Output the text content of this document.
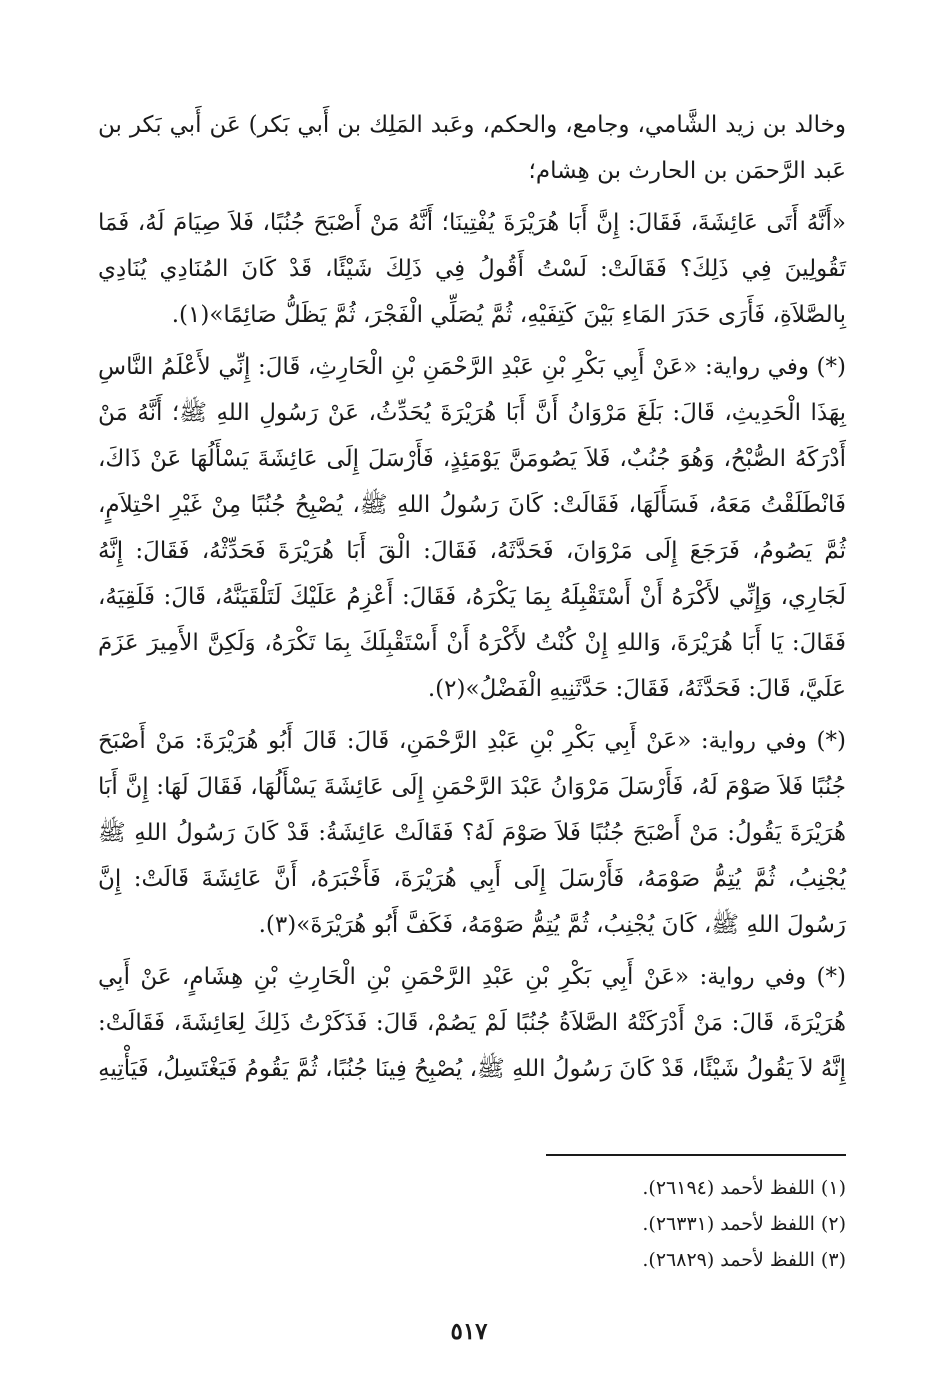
وخالد بن زيد الشَّامي، وجامع، والحكم، وعَبد المَلِك بن أَبي بَكر) عَن أَبي بَكر بن عَبد الرَّحمَن بن الحارث بن هِشام؛

«أَنَّهُ أَتَى عَائِشَةَ، فَقَالَ: إِنَّ أَبَا هُرَيْرَةَ يُفْتِينَا؛ أَنَّهُ مَنْ أَصْبَحَ جُنُبًا، فَلاَ صِيَامَ لَهُ، فَمَا تَقُولِينَ فِي ذَلِكَ؟ فَقَالَتْ: لَسْتُ أَقُولُ فِي ذَلِكَ شَيْئًا، قَدْ كَانَ المُنَادِي يُنَادِي بِالصَّلاَةِ، فَأَرَى حَدَرَ المَاءِ بَيْنَ كَتِفَيْهِ، ثُمَّ يُصَلِّي الْفَجْرَ، ثُمَّ يَظَلُّ صَائِمًا»(١).

(*) وفي رواية: «عَنْ أَبِي بَكْرِ بْنِ عَبْدِ الرَّحْمَنِ بْنِ الْحَارِثِ، قَالَ: إِنِّي لأَعْلَمُ النَّاسِ بِهَذَا الْحَدِيثِ، قَالَ: بَلَغَ مَرْوَانُ أَنَّ أَبَا هُرَيْرَةَ يُحَدِّثُ، عَنْ رَسُولِ اللهِ ﷺ؛ أَنَّهُ مَنْ أَدْرَكَهُ الصُّبْحُ، وَهُوَ جُنُبٌ، فَلاَ يَصُومَنَّ يَوْمَئِذٍ، فَأَرْسَلَ إِلَى عَائِشَةَ يَسْأَلُهَا عَنْ ذَاكَ، فَانْطَلَقْتُ مَعَهُ، فَسَأَلَهَا، فَقَالَتْ: كَانَ رَسُولُ اللهِ ﷺ، يُصْبِحُ جُنُبًا مِنْ غَيْرِ احْتِلاَمٍ، ثُمَّ يَصُومُ، فَرَجَعَ إِلَى مَرْوَانَ، فَحَدَّثَهُ، فَقَالَ: الْقَ أَبَا هُرَيْرَةَ فَحَدِّثْهُ، فَقَالَ: إِنَّهُ لَجَارِي، وَإِنِّي لأَكْرَهُ أَنْ أَسْتَقْبِلَهُ بِمَا يَكْرَهُ، فَقَالَ: أَعْزِمُ عَلَيْكَ لَتَلْقَيَنَّهُ، قَالَ: فَلَقِيَهُ، فَقَالَ: يَا أَبَا هُرَيْرَةَ، وَاللهِ إِنْ كُنْتُ لأَكْرَهُ أَنْ أَسْتَقْبِلَكَ بِمَا تَكْرَهُ، وَلَكِنَّ الأَمِيرَ عَزَمَ عَلَيَّ، قَالَ: فَحَدَّثَهُ، فَقَالَ: حَدَّثَنِيهِ الْفَضْلُ»(٢).

(*) وفي رواية: «عَنْ أَبِي بَكْرِ بْنِ عَبْدِ الرَّحْمَنِ، قَالَ: قَالَ أَبُو هُرَيْرَةَ: مَنْ أَصْبَحَ جُنُبًا فَلاَ صَوْمَ لَهُ، فَأَرْسَلَ مَرْوَانُ عَبْدَ الرَّحْمَنِ إِلَى عَائِشَةَ يَسْأَلُهَا، فَقَالَ لَهَا: إِنَّ أَبَا هُرَيْرَةَ يَقُولُ: مَنْ أَصْبَحَ جُنُبًا فَلاَ صَوْمَ لَهُ؟ فَقَالَتْ عَائِشَةُ: قَدْ كَانَ رَسُولُ اللهِ ﷺ يُجْنِبُ، ثُمَّ يُتِمُّ صَوْمَهُ، فَأَرْسَلَ إِلَى أَبِي هُرَيْرَةَ، فَأَخْبَرَهُ، أَنَّ عَائِشَةَ قَالَتْ: إِنَّ رَسُولَ اللهِ ﷺ، كَانَ يُجْنِبُ، ثُمَّ يُتِمُّ صَوْمَهُ، فَكَفَّ أَبُو هُرَيْرَةَ»(٣).

(*) وفي رواية: «عَنْ أَبِي بَكْرِ بْنِ عَبْدِ الرَّحْمَنِ بْنِ الْحَارِثِ بْنِ هِشَامٍ، عَنْ أَبِي هُرَيْرَةَ، قَالَ: مَنْ أَدْرَكَتْهُ الصَّلاَةُ جُنُبًا لَمْ يَصُمْ، قَالَ: فَذَكَرْتُ ذَلِكَ لِعَائِشَةَ، فَقَالَتْ: إِنَّهُ لاَ يَقُولُ شَيْئًا، قَدْ كَانَ رَسُولُ اللهِ ﷺ، يُصْبِحُ فِينَا جُنُبًا، ثُمَّ يَقُومُ فَيَغْتَسِلُ، فَيَأْتِيهِ

(١) اللفظ لأحمد (٢٦١٩٤).

(٢) اللفظ لأحمد (٢٦٣٣١).

(٣) اللفظ لأحمد (٢٦٨٢٩).

٥١٧
